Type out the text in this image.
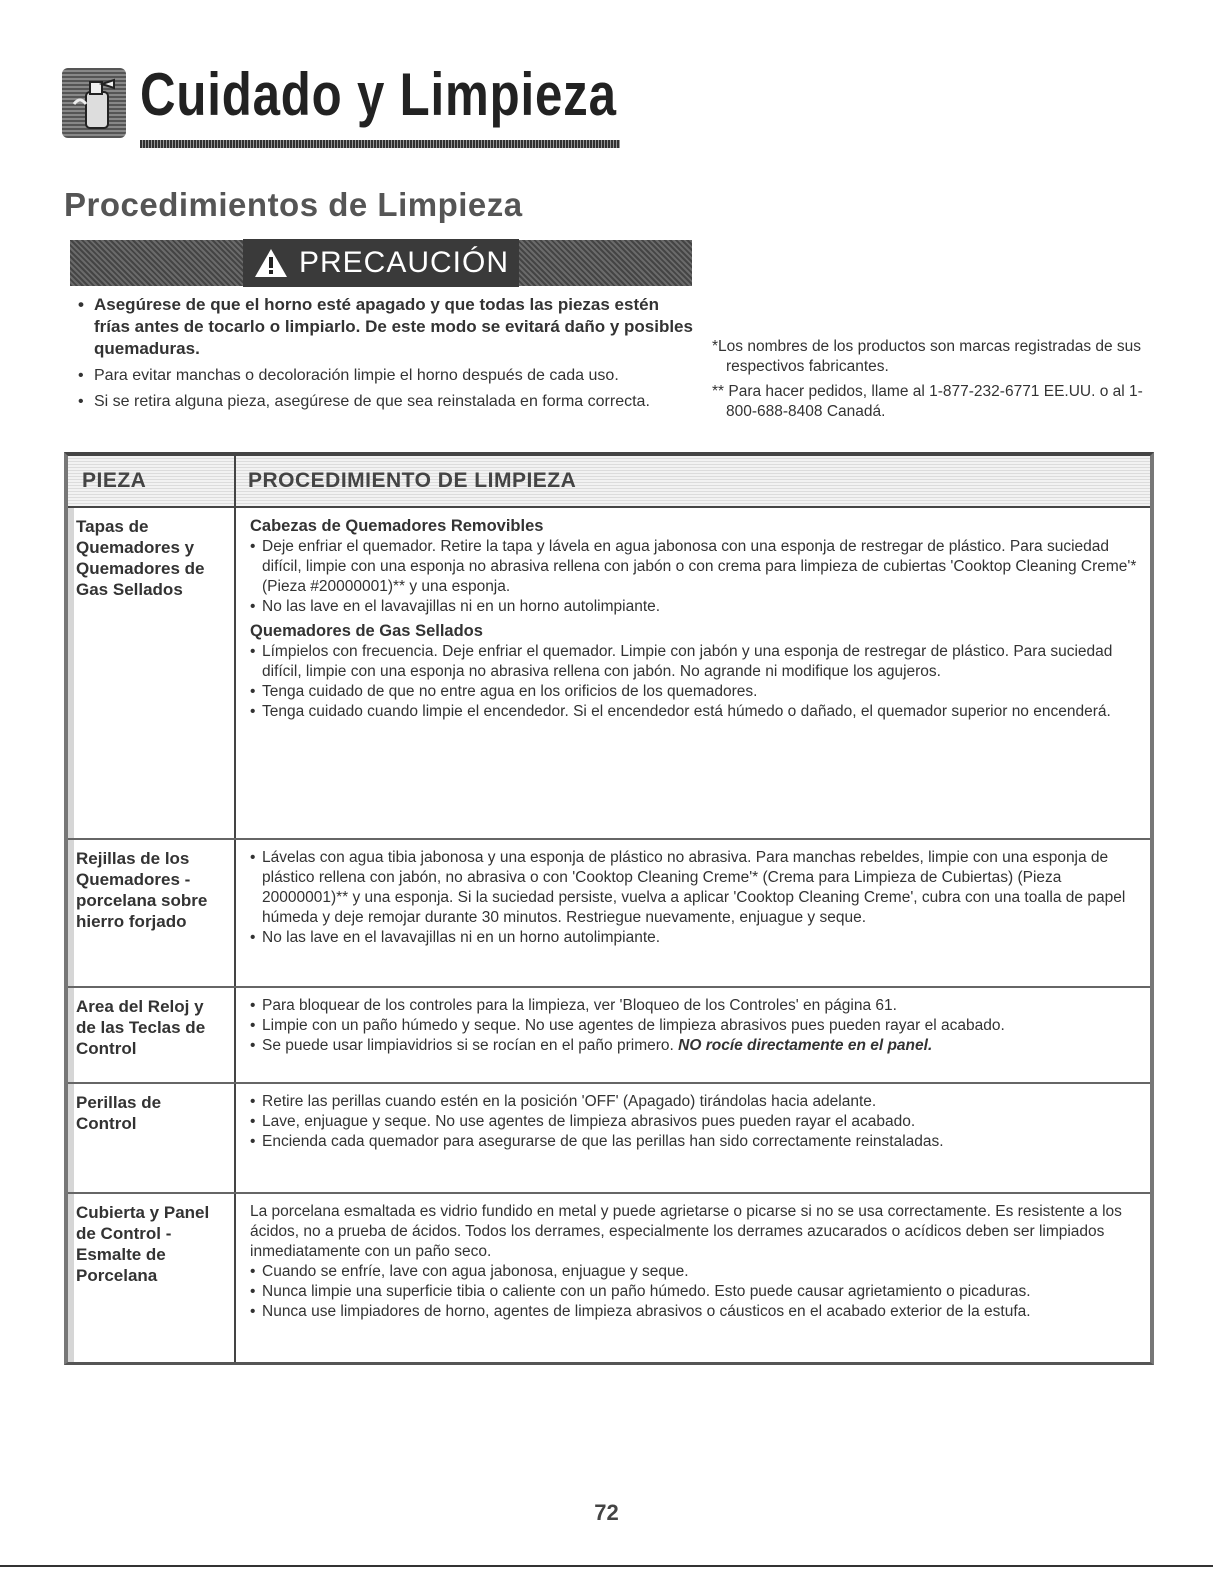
Cuidado y Limpieza
Procedimientos de Limpieza
PRECAUCIÓN
• Asegúrese de que el horno esté apagado y que todas las piezas estén frías antes de tocarlo o limpiarlo. De este modo se evitará daño y posibles quemaduras.
• Para evitar manchas o decoloración limpie el horno después de cada uso.
• Si se retira alguna pieza, asegúrese de que sea reinstalada en forma correcta.
*Los nombres de los productos son marcas registradas de sus respectivos fabricantes.
** Para hacer pedidos, llame al 1-877-232-6771 EE.UU. o al 1-800-688-8408 Canadá.
PIEZA	PROCEDIMIENTO DE LIMPIEZA
Tapas de Quemadores y Quemadores de Gas Sellados
Cabezas de Quemadores Removibles
• Deje enfriar el quemador. Retire la tapa y lávela en agua jabonosa con una esponja de restregar de plástico. Para suciedad difícil, limpie con una esponja no abrasiva rellena con jabón o con crema para limpieza de cubiertas 'Cooktop Cleaning Creme'* (Pieza #20000001)** y una esponja.
• No las lave en el lavavajillas ni en un horno autolimpiante.
Quemadores de Gas Sellados
• Límpielos con frecuencia. Deje enfriar el quemador. Limpie con jabón y una esponja de restregar de plástico. Para suciedad difícil, limpie con una esponja no abrasiva rellena con jabón. No agrande ni modifique los agujeros.
• Tenga cuidado de que no entre agua en los orificios de los quemadores.
• Tenga cuidado cuando limpie el encendedor. Si el encendedor está húmedo o dañado, el quemador superior no encenderá.
Rejillas de los Quemadores - porcelana sobre hierro forjado
• Lávelas con agua tibia jabonosa y una esponja de plástico no abrasiva. Para manchas rebeldes, limpie con una esponja de plástico rellena con jabón, no abrasiva o con 'Cooktop Cleaning Creme'* (Crema para Limpieza de Cubiertas) (Pieza 20000001)** y una esponja. Si la suciedad persiste, vuelva a aplicar 'Cooktop Cleaning Creme', cubra con una toalla de papel húmeda y deje remojar durante 30 minutos. Restriegue nuevamente, enjuague y seque.
• No las lave en el lavavajillas ni en un horno autolimpiante.
Area del Reloj y de las Teclas de Control
• Para bloquear de los controles para la limpieza, ver 'Bloqueo de los Controles' en página 61.
• Limpie con un paño húmedo y seque. No use agentes de limpieza abrasivos pues pueden rayar el acabado.
• Se puede usar limpiavidrios si se rocían en el paño primero. NO rocíe directamente en el panel.
Perillas de Control
• Retire las perillas cuando estén en la posición 'OFF' (Apagado) tirándolas hacia adelante.
• Lave, enjuague y seque. No use agentes de limpieza abrasivos pues pueden rayar el acabado.
• Encienda cada quemador para asegurarse de que las perillas han sido correctamente reinstaladas.
Cubierta y Panel de Control - Esmalte de Porcelana
La porcelana esmaltada es vidrio fundido en metal y puede agrietarse o picarse si no se usa correctamente. Es resistente a los ácidos, no a prueba de ácidos. Todos los derrames, especialmente los derrames azucarados o acídicos deben ser limpiados inmediatamente con un paño seco.
• Cuando se enfríe, lave con agua jabonosa, enjuague y seque.
• Nunca limpie una superficie tibia o caliente con un paño húmedo. Esto puede causar agrietamiento o picaduras.
• Nunca use limpiadores de horno, agentes de limpieza abrasivos o cáusticos en el acabado exterior de la estufa.
72
